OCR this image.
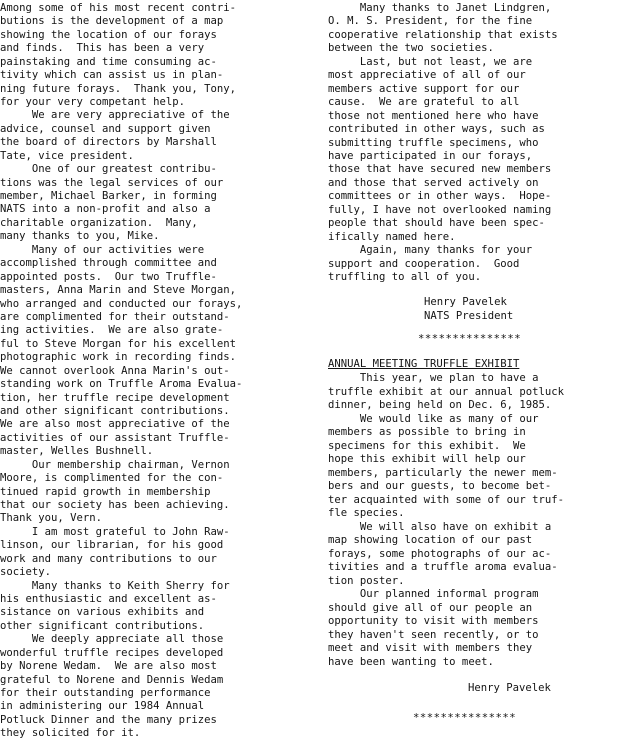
Among some of his most recent contri-
butions is the development of a map
showing the location of our forays
and finds.  This has been a very
painstaking and time consuming ac-
tivity which can assist us in plan-
ning future forays.  Thank you, Tony,
for your very competant help.
We are very appreciative of the
advice, counsel and support given
the board of directors by Marshall
Tate, vice president.
One of our greatest contribu-
tions was the legal services of our
member, Michael Barker, in forming
NATS into a non-profit and also a
charitable organization.  Many,
many thanks to you, Mike.
Many of our activities were
accomplished through committee and
appointed posts.  Our two Truffle-
masters, Anna Marin and Steve Morgan,
who arranged and conducted our forays,
are complimented for their outstand-
ing activities.  We are also grate-
ful to Steve Morgan for his excellent
photographic work in recording finds.
We cannot overlook Anna Marin's out-
standing work on Truffle Aroma Evalua-
tion, her truffle recipe development
and other significant contributions.
We are also most appreciative of the
activities of our assistant Truffle-
master, Welles Bushnell.
Our membership chairman, Vernon
Moore, is complimented for the con-
tinued rapid growth in membership
that our society has been achieving.
Thank you, Vern.
I am most grateful to John Raw-
linson, our librarian, for his good
work and many contributions to our
society.
Many thanks to Keith Sherry for
his enthusiastic and excellent as-
sistance on various exhibits and
other significant contributions.
We deeply appreciate all those
wonderful truffle recipes developed
by Norene Wedam.  We are also most
grateful to Norene and Dennis Wedam
for their outstanding performance
in administering our 1984 Annual
Potluck Dinner and the many prizes
they solicited for it.
Henry Pavelek
NATS President
***************
ANNUAL MEETING TRUFFLE EXHIBIT
Henry Pavelek
***************
Many thanks to Janet Lindgren,
O. M. S. President, for the fine
cooperative relationship that exists
between the two societies.
Last, but not least, we are
most appreciative of all of our
members active support for our
cause.  We are grateful to all
those not mentioned here who have
contributed in other ways, such as
submitting truffle specimens, who
have participated in our forays,
those that have secured new members
and those that served actively on
committees or in other ways.  Hope-
fully, I have not overlooked naming
people that should have been spec-
ifically named here.
Again, many thanks for your
support and cooperation.  Good
truffling to all of you.
This year, we plan to have a
truffle exhibit at our annual potluck
dinner, being held on Dec. 6, 1985.
We would like as many of our
members as possible to bring in
specimens for this exhibit.  We
hope this exhibit will help our
members, particularly the newer mem-
bers and our guests, to become bet-
ter acquainted with some of our truf-
fle species.
We will also have on exhibit a
map showing location of our past
forays, some photographs of our ac-
tivities and a truffle aroma evalua-
tion poster.
Our planned informal program
should give all of our people an
opportunity to visit with members
they haven't seen recently, or to
meet and visit with members they
have been wanting to meet.
